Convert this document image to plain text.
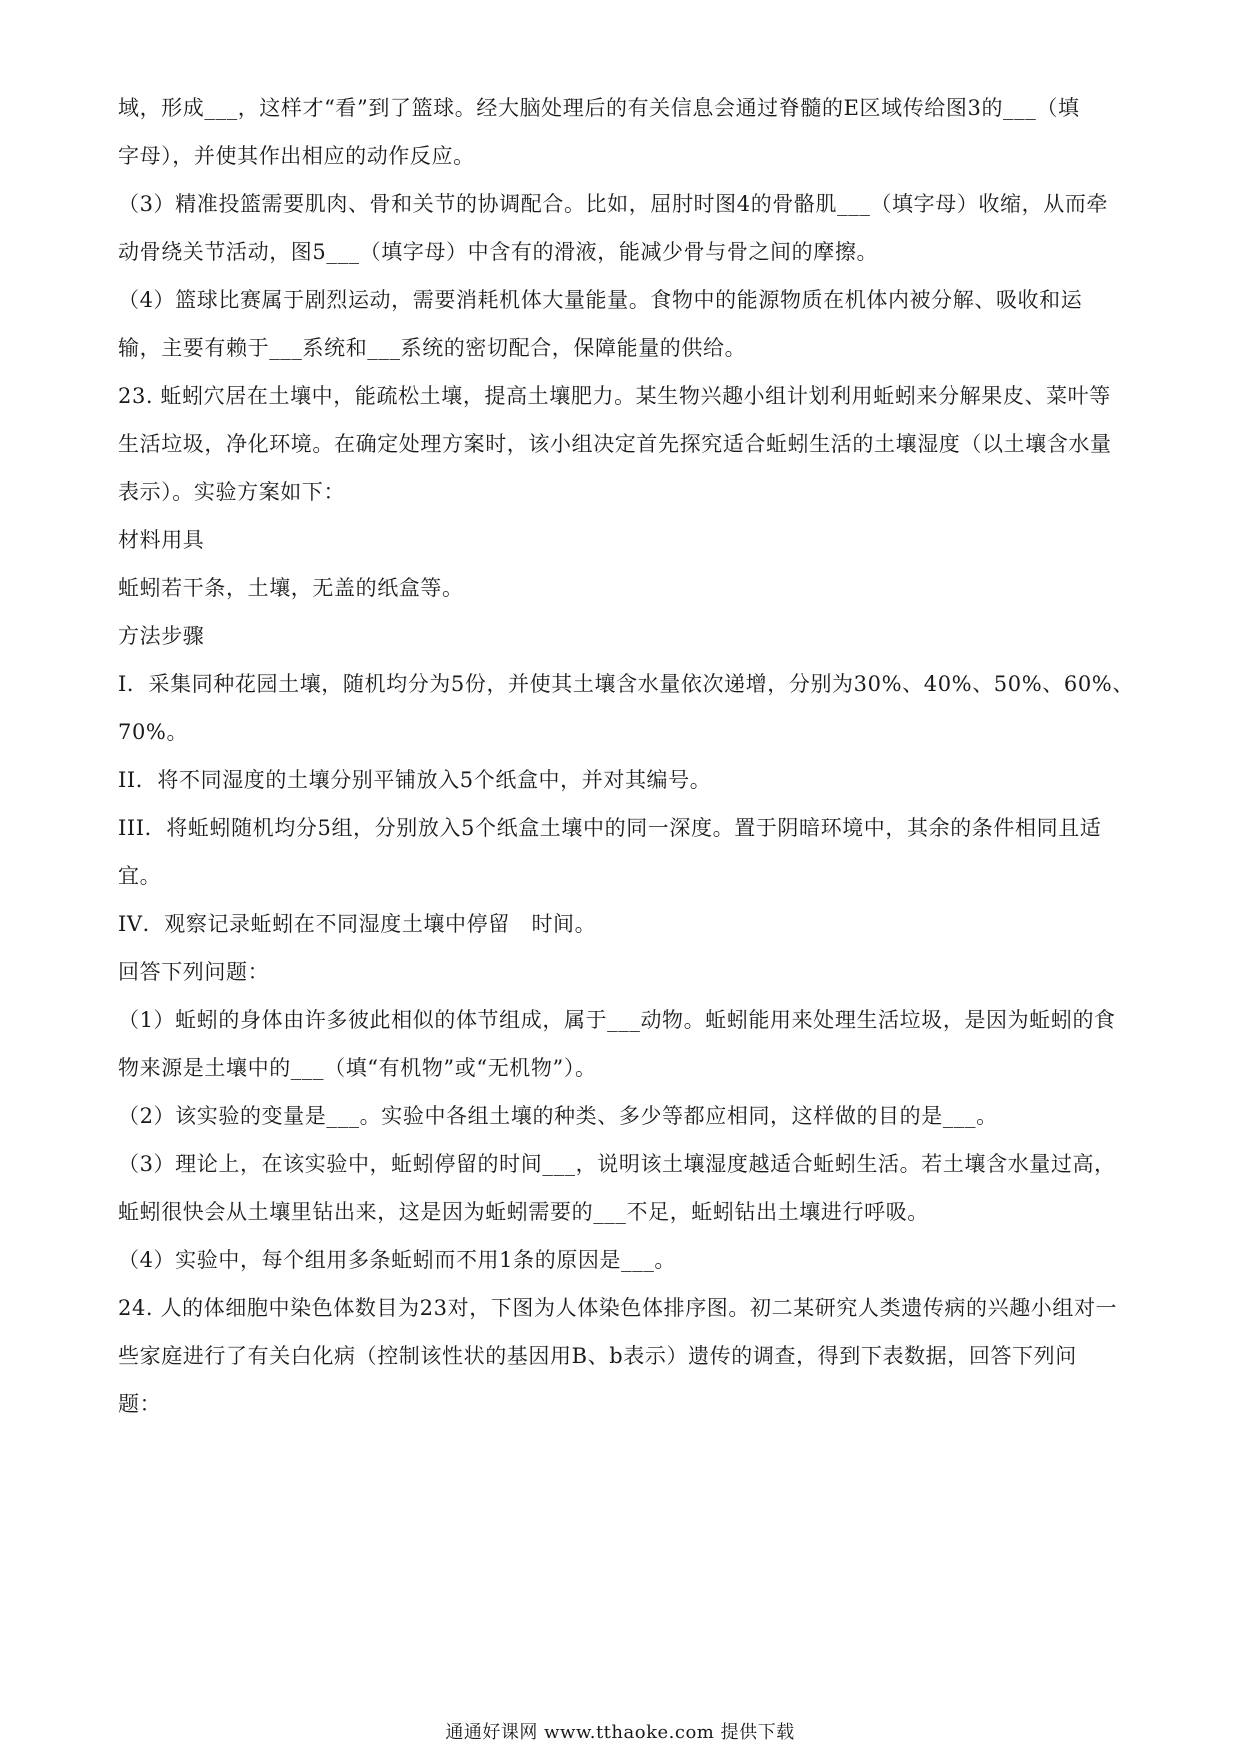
域，形成___，这样才“看”到了篮球。经大脑处理后的有关信息会通过脊髓的E区域传给图3的___（填

字母），并使其作出相应的动作反应。

（3）精准投篮需要肌肉、骨和关节的协调配合。比如，屈肘时图4的骨骼肌___（填字母）收缩，从而牵

动骨绕关节活动，图5___（填字母）中含有的滑液，能减少骨与骨之间的摩擦。

（4）篮球比赛属于剧烈运动，需要消耗机体大量能量。食物中的能源物质在机体内被分解、吸收和运

输，主要有赖于___系统和___系统的密切配合，保障能量的供给。

23. 蚯蚓穴居在土壤中，能疏松土壤，提高土壤肥力。某生物兴趣小组计划利用蚯蚓来分解果皮、菜叶等

生活垃圾，净化环境。在确定处理方案时，该小组决定首先探究适合蚯蚓生活的土壤湿度（以土壤含水量

表示）。实验方案如下：

材料用具

蚯蚓若干条，土壤，无盖的纸盒等。

方法步骤

I．采集同种花园土壤，随机均分为5份，并使其土壤含水量依次递增，分别为30%、40%、50%、60%、

70%。

II．将不同湿度的土壤分别平铺放入5个纸盒中，并对其编号。

III．将蚯蚓随机均分5组，分别放入5个纸盒土壤中的同一深度。置于阴暗环境中，其余的条件相同且适

宜。

IV．观察记录蚯蚓在不同湿度土壤中停留　时间。

回答下列问题：

（1）蚯蚓的身体由许多彼此相似的体节组成，属于___动物。蚯蚓能用来处理生活垃圾，是因为蚯蚓的食

物来源是土壤中的___（填“有机物”或“无机物”）。

（2）该实验的变量是___。实验中各组土壤的种类、多少等都应相同，这样做的目的是___。

（3）理论上，在该实验中，蚯蚓停留的时间___，说明该土壤湿度越适合蚯蚓生活。若土壤含水量过高，

蚯蚓很快会从土壤里钻出来，这是因为蚯蚓需要的___不足，蚯蚓钻出土壤进行呼吸。

（4）实验中，每个组用多条蚯蚓而不用1条的原因是___。

24. 人的体细胞中染色体数目为23对，下图为人体染色体排序图。初二某研究人类遗传病的兴趣小组对一

些家庭进行了有关白化病（控制该性状的基因用B、b表示）遗传的调查，得到下表数据，回答下列问

题：

通通好课网 www.tthaoke.com 提供下载
